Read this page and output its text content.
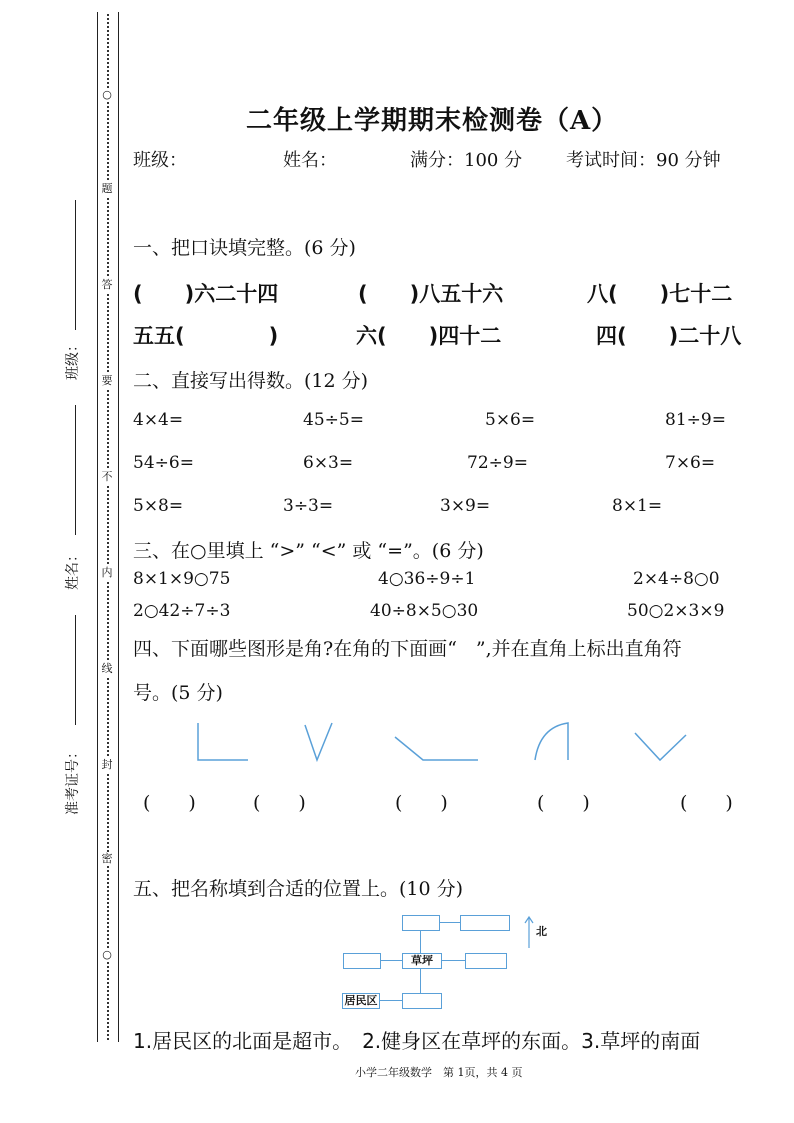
○
题
答
要
不
内
线
封
密
○
班级：
姓名：
准考证号：
二年级上学期期末检测卷（A）
班级：	姓名：	满分：100 分 考试时间：90 分钟
一、把口诀填完整。(6 分)
(　　)六二十四	(　　)八五十六	八(　　)七十二
五五(　　　　)	六(　　)四十二	四(　　)二十八
二、直接写出得数。(12 分)
4×4=	45÷5=	5×6=	81÷9=
54÷6=	6×3=	72÷9=	7×6=
5×8=	3÷3=	3×9=	8×1=
三、在○里填上 “>” “<” 或 “=”。(6 分)
8×1×9○75	4○36÷9÷1	2×4÷8○0
2○42÷7÷3	40÷8×5○30	50○2×3×9
四、下面哪些图形是角?在角的下面画“　”,并在直角上标出直角符
号。(5 分)
(　　)	(　　)	(　　)	(　　)	(　　)
五、把名称填到合适的位置上。(10 分)
草坪
居民区
北
1.居民区的北面是超市。　2.健身区在草坪的东面。3.草坪的南面
小学二年级数学　第 1页，共 4 页
